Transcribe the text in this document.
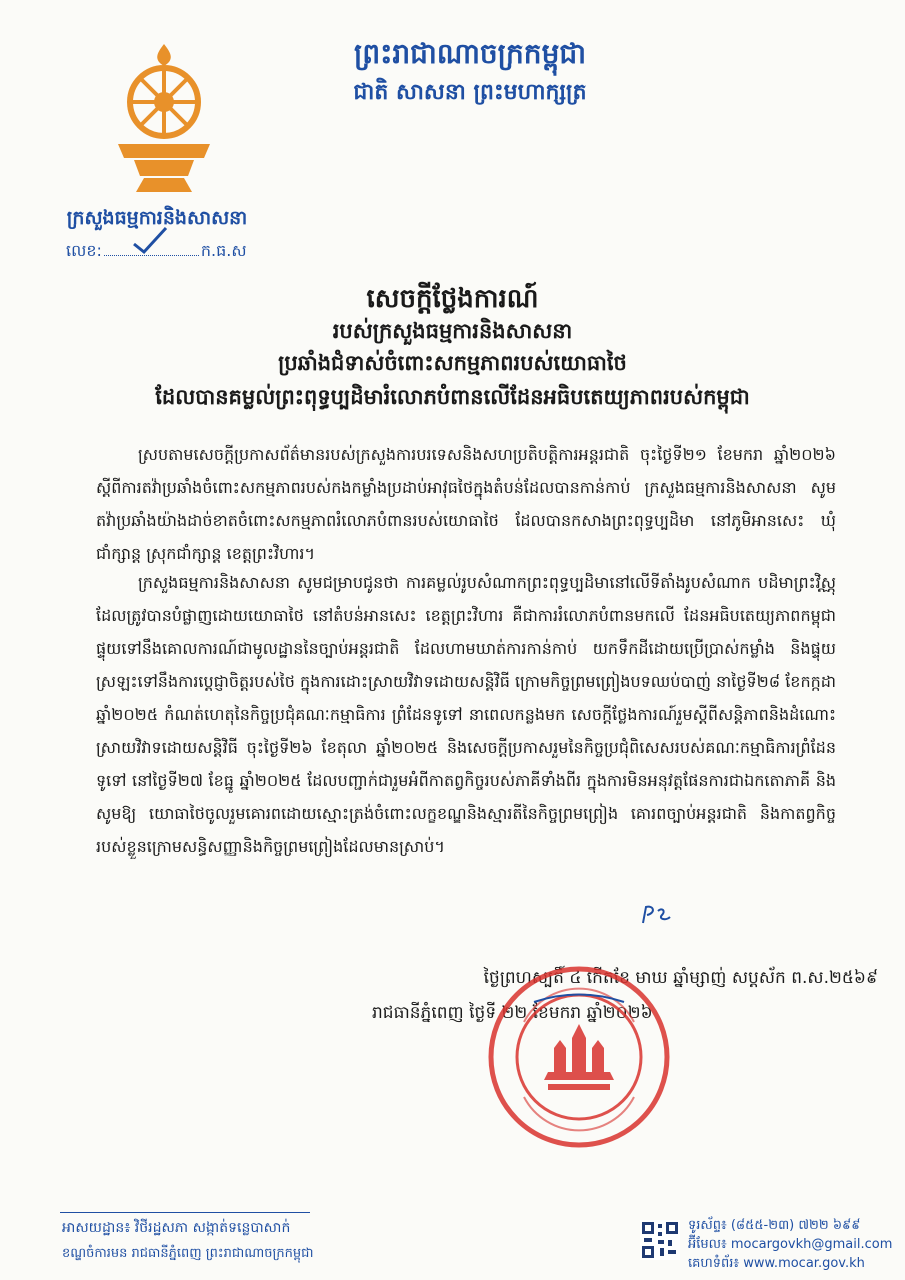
ព្រះរាជាណាចក្រកម្ពុជា
ជាតិ សាសនា ព្រះមហាក្សត្រ
ក្រសួងធម្មការនិងសាសនា
លេខ:	ក.ធ.ស
សេចក្តីថ្លែងការណ៍
របស់ក្រសួងធម្មការនិងសាសនា
ប្រឆាំងជំទាស់ចំពោះសកម្មភាពរបស់យោធាថៃ
ដែលបានគម្លល់ព្រះពុទ្ធប្បដិមារំលោភបំពានលើដែនអធិបតេយ្យភាពរបស់កម្ពុជា
ស្របតាមសេចក្តីប្រកាសព័ត៌មានរបស់ក្រសួងការបរទេសនិងសហប្រតិបត្តិការអន្តរជាតិ ចុះថ្ងៃទី២១ ខែមករា ឆ្នាំ២០២៦ ស្តីពីការតវ៉ាប្រឆាំងចំពោះសកម្មភាពរបស់កងកម្លាំងប្រដាប់អាវុធថៃក្នុងតំបន់ដែលបានកាន់កាប់ ក្រសួងធម្មការនិងសាសនា សូមតវ៉ាប្រឆាំងយ៉ាងដាច់ខាតចំពោះសកម្មភាពរំលោភបំពានរបស់យោធាថៃ ដែលបានកសាងព្រះពុទ្ធប្បដិមា នៅភូមិអានសេះ ឃុំជាំក្សាន្ត ស្រុកជាំក្សាន្ត ខេត្តព្រះវិហារ។
ក្រសួងធម្មការនិងសាសនា សូមជម្រាបជូនថា ការគម្លល់រូបសំណាកព្រះពុទ្ធប្បដិមានៅលើទីតាំងរូបសំណាក បដិមាព្រះវិស្ណុ ដែលត្រូវបានបំផ្លាញដោយយោធាថៃ នៅតំបន់អានសេះ ខេត្តព្រះវិហារ គឺជាការរំលោភបំពានមកលើ ដែនអធិបតេយ្យភាពកម្ពុជា ផ្ទុយទៅនឹងគោលការណ៍ជាមូលដ្ឋាននៃច្បាប់អន្តរជាតិ ដែលហាមឃាត់ការកាន់កាប់ យកទឹកដីដោយប្រើប្រាស់កម្លាំង និងផ្ទុយស្រឡះទៅនឹងការប្តេជ្ញាចិត្តរបស់ថៃ ក្នុងការដោះស្រាយវិវាទដោយសន្តិវិធី ក្រោមកិច្ចព្រមព្រៀងបទឈប់បាញ់ នាថ្ងៃទី២៨ ខែកក្កដា ឆ្នាំ២០២៥ កំណត់ហេតុនៃកិច្ចប្រជុំគណៈកម្មាធិការ ព្រំដែនទូទៅ នាពេលកន្លងមក សេចក្តីថ្លែងការណ៍រួមស្តីពីសន្តិភាពនិងដំណោះស្រាយវិវាទដោយសន្តិវិធី ចុះថ្ងៃទី២៦ ខែតុលា ឆ្នាំ២០២៥ និងសេចក្តីប្រកាសរួមនៃកិច្ចប្រជុំពិសេសរបស់គណៈកម្មាធិការព្រំដែនទូទៅ នៅថ្ងៃទី២៧ ខែធ្នូ ឆ្នាំ២០២៥ ដែលបញ្ជាក់ជារួមអំពីកាតព្វកិច្ចរបស់ភាគីទាំងពីរ ក្នុងការមិនអនុវត្តផែនការជាឯកតោភាគី និងសូមឱ្យ យោធាថៃចូលរួមគោរពដោយស្មោះត្រង់ចំពោះលក្ខខណ្ឌនិងស្មារតីនៃកិច្ចព្រមព្រៀង គោរពច្បាប់អន្តរជាតិ និងកាតព្វកិច្ចរបស់ខ្លួនក្រោមសន្ធិសញ្ញានិងកិច្ចព្រមព្រៀងដែលមានស្រាប់។
ថ្ងៃព្រហស្បតិ៍ ៤ កើតខែ មាឃ ឆ្នាំម្សាញ់ សប្តស័ក ព.ស.២៥៦៩
រាជធានីភ្នំពេញ ថ្ងៃទី ២២ ខែមករា ឆ្នាំ២០២៦
អាសយដ្ឋាន៖ វិថីរដ្ឋសភា សង្កាត់ទន្លេបាសាក់
ខណ្ឌចំការមន រាជធានីភ្នំពេញ ព្រះរាជាណាចក្រកម្ពុជា
ទូរស័ព្ទ៖ (៨៥៥-២៣) ៧២២ ៦៩៩
អ៊ីមែល៖ mocargovkh@gmail.com
គេហទំព័រ៖ www.mocar.gov.kh
